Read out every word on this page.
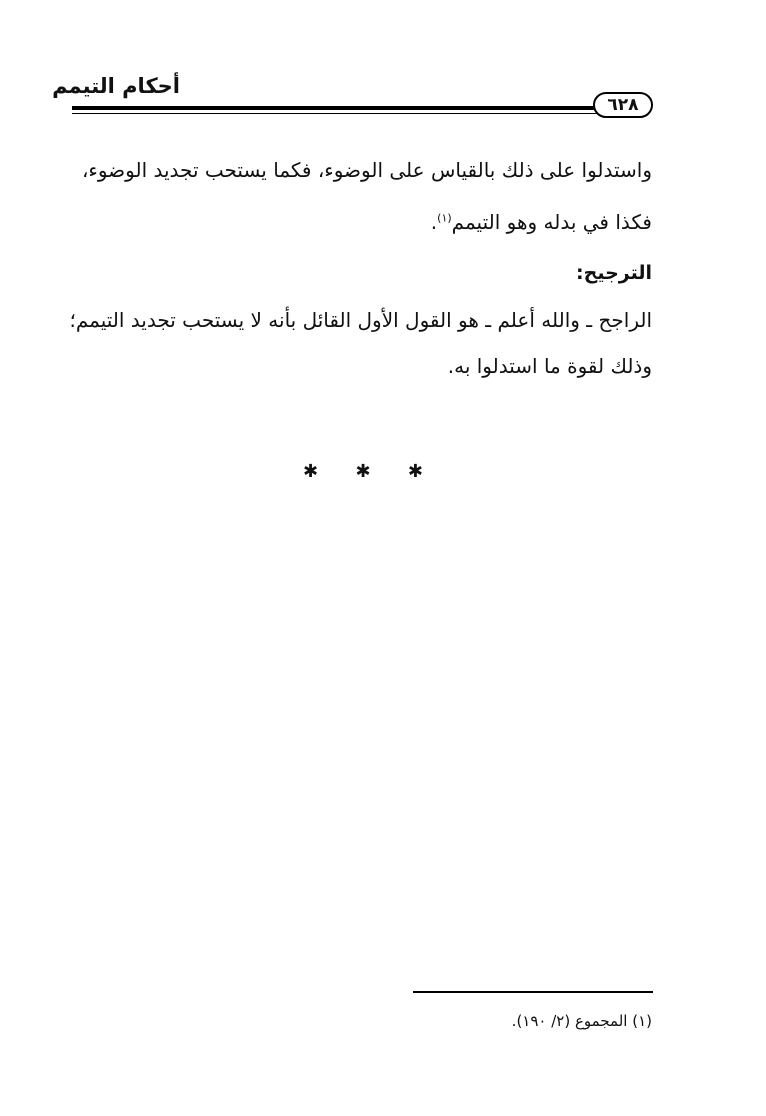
أحكام التيمم
٦٢٨
واستدلوا على ذلك بالقياس على الوضوء، فكما يستحب تجديد الوضوء،
فكذا في بدله وهو التيمم$^{(١)}$.
الترجيح:
الراجح ـ والله أعلم ـ هو القول الأول القائل بأنه لا يستحب تجديد التيمم؛
وذلك لقوة ما استدلوا به.
✱ ✱ ✱
(١) المجموع (٢/ ١٩٠).
